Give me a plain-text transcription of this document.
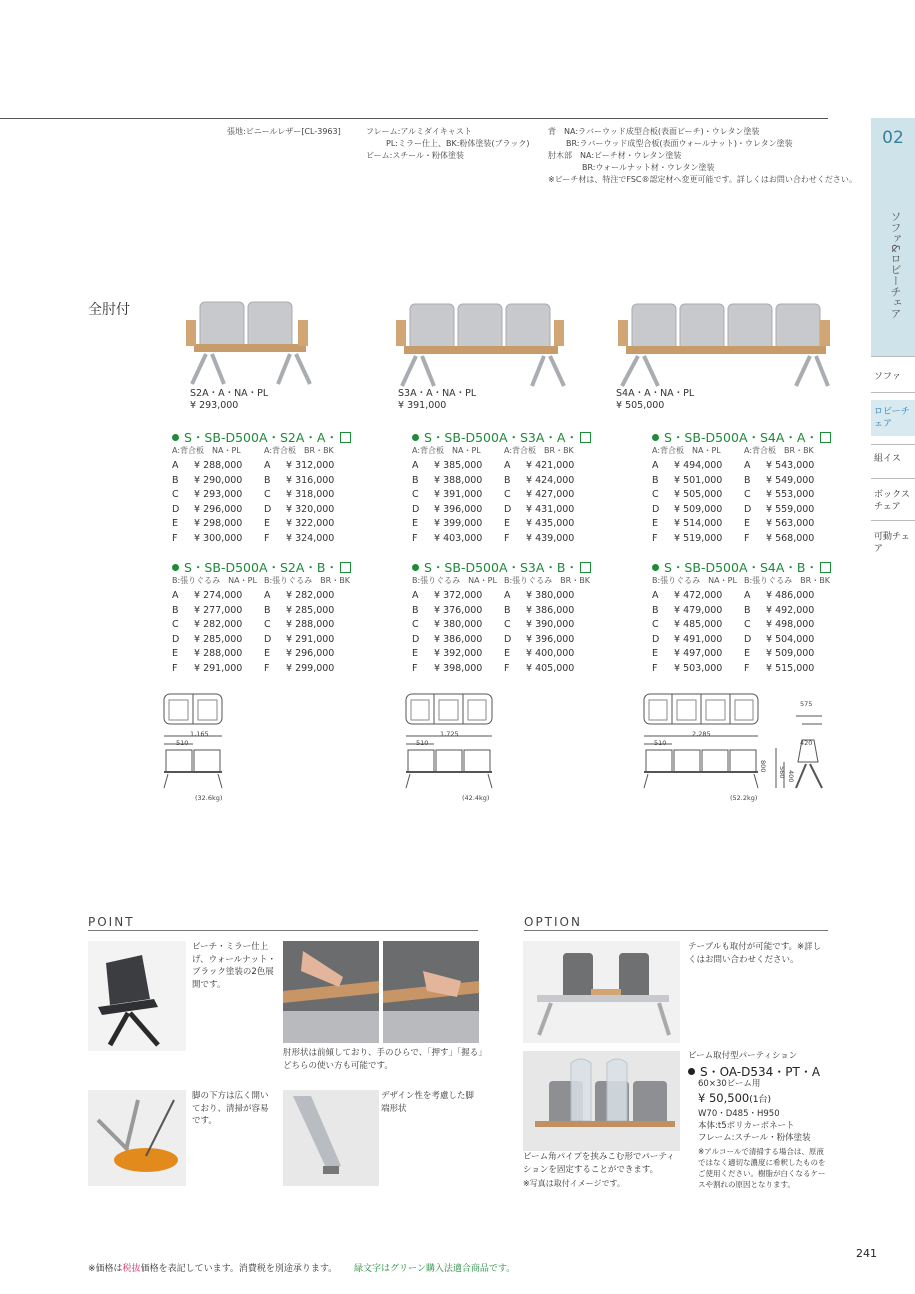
張地:ビニールレザー[CL-3963]	フレーム:アルミダイキャスト
PL:ミラー仕上、BK:粉体塗装(ブラック)
ビーム:スチール・粉体塗装
背　NA:ラバーウッド成型合板(表面ビーチ)・ウレタン塗装
BR:ラバーウッド成型合板(表面ウォールナット)・ウレタン塗装
肘木部　NA:ビーチ材・ウレタン塗装
BR:ウォールナット材・ウレタン塗装
※ビーチ材は、特注でFSC®認定材へ変更可能です。詳しくはお問い合わせください。
02
ソファ&ロビーチェア
ソファ
ロビーチェア
組イス
ボックスチェア
可動チェア
全肘付
S2A・A・NA・PL
¥ 293,000
S3A・A・NA・PL
¥ 391,000
S4A・A・NA・PL
¥ 505,000
S・SB-D500A・S2A・A・
A:背合板　NA・PL	A:背合板　BR・BK
A ¥ 288,000 A ¥ 312,000
B ¥ 290,000 B ¥ 316,000
C ¥ 293,000 C ¥ 318,000
D ¥ 296,000 D ¥ 320,000
E ¥ 298,000 E ¥ 322,000
F ¥ 300,000 F ¥ 324,000
S・SB-D500A・S3A・A・
A:背合板　NA・PL	A:背合板　BR・BK
A ¥ 385,000 A ¥ 421,000
B ¥ 388,000 B ¥ 424,000
C ¥ 391,000 C ¥ 427,000
D ¥ 396,000 D ¥ 431,000
E ¥ 399,000 E ¥ 435,000
F ¥ 403,000 F ¥ 439,000
S・SB-D500A・S4A・A・
A:背合板　NA・PL	A:背合板　BR・BK
A ¥ 494,000 A ¥ 543,000
B ¥ 501,000 B ¥ 549,000
C ¥ 505,000 C ¥ 553,000
D ¥ 509,000 D ¥ 559,000
E ¥ 514,000 E ¥ 563,000
F ¥ 519,000 F ¥ 568,000
S・SB-D500A・S2A・B・
B:張りぐるみ　NA・PL B:張りぐるみ　BR・BK
A ¥ 274,000 A ¥ 282,000
B ¥ 277,000 B ¥ 285,000
C ¥ 282,000 C ¥ 288,000
D ¥ 285,000 D ¥ 291,000
E ¥ 288,000 E ¥ 296,000
F ¥ 291,000 F ¥ 299,000
S・SB-D500A・S3A・B・
B:張りぐるみ　NA・PL B:張りぐるみ　BR・BK
A ¥ 372,000 A ¥ 380,000
B ¥ 376,000 B ¥ 386,000
C ¥ 380,000 C ¥ 390,000
D ¥ 386,000 D ¥ 396,000
E ¥ 392,000 E ¥ 400,000
F ¥ 398,000 F ¥ 405,000
S・SB-D500A・S4A・B・
B:張りぐるみ　NA・PL B:張りぐるみ　BR・BK
A ¥ 472,000 A ¥ 486,000
B ¥ 479,000 B ¥ 492,000
C ¥ 485,000 C ¥ 498,000
D ¥ 491,000 D ¥ 504,000
E ¥ 497,000 E ¥ 509,000
F ¥ 503,000 F ¥ 515,000
1,165
510
(32.6kg)
1,725
510
(42.4kg)
2,285
510
(52.2kg)
575
420
800	560 400
POINT
ビーチ・ミラー仕上げ、ウォールナット・ブラック塗装の2色展開です。
肘形状は前傾しており、手のひらで、「押す」「握る」どちらの使い方も可能です。
脚の下方は広く開いており、清掃が容易です。
デザイン性を考慮した脚端形状
OPTION
テーブルも取付が可能です。※詳しくはお問い合わせください。
ビーム角パイプを挟みこむ形でパーティションを固定することができます。
※写真は取付イメージです。
ビーム取付型パーティション
S・OA-D534・PT・A
60×30ビーム用
¥ 50,500(1台)
W70・D485・H950
本体:t5ポリカーボネート
フレーム:スチール・粉体塗装
※アルコールで清掃する場合は、原液ではなく適切な濃度に希釈したものをご使用ください。樹脂が白くなるケースや割れの原因となります。
※価格は税抜価格を表記しています。消費税を別途承ります。 緑文字はグリーン購入法適合商品です。
241
